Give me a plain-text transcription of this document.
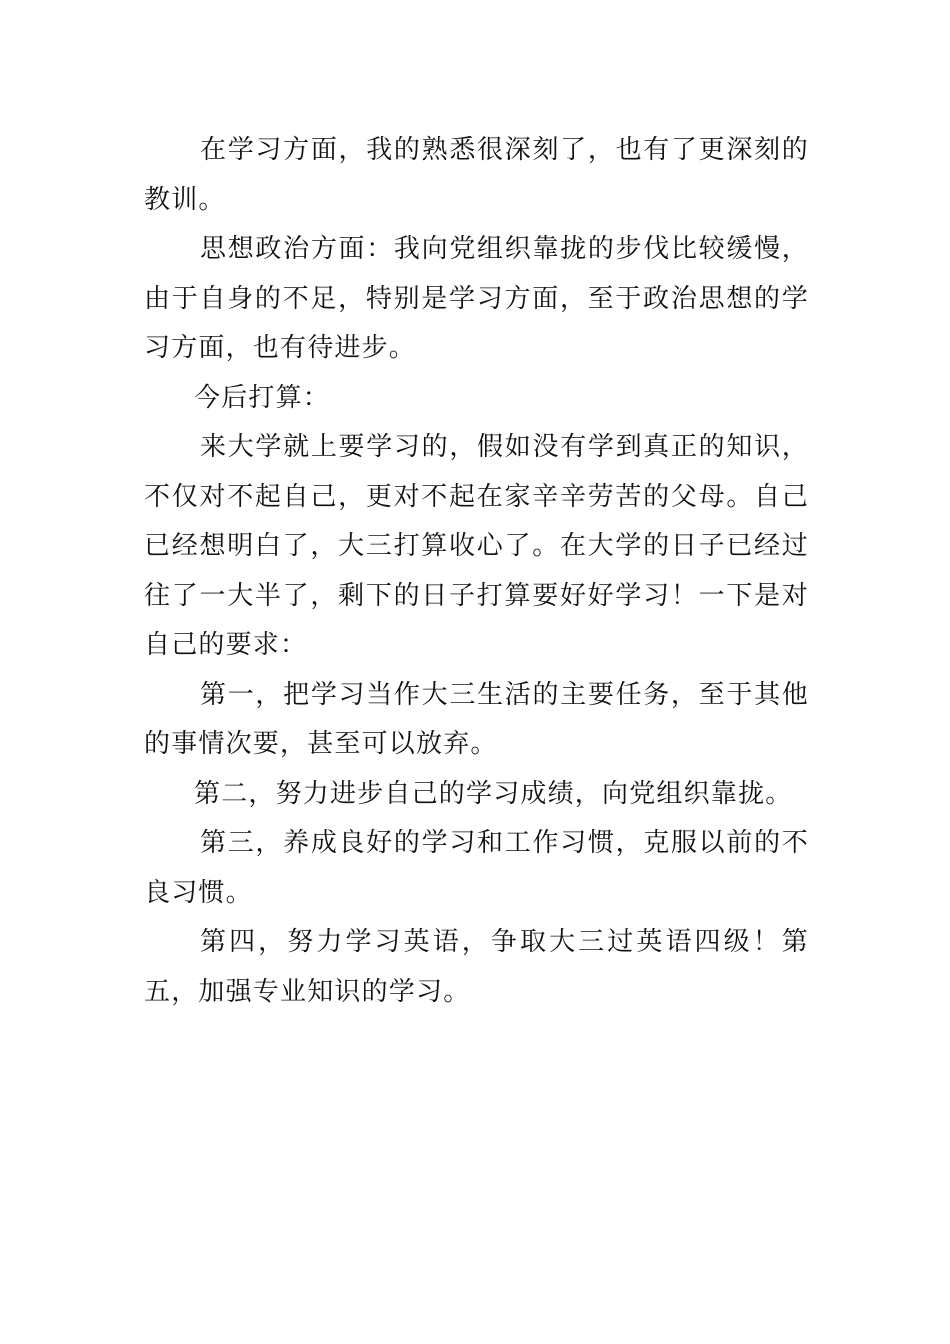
在学习方面，我的熟悉很深刻了，也有了更深刻的教训。

思想政治方面：我向党组织靠拢的步伐比较缓慢，由于自身的不足，特别是学习方面，至于政治思想的学习方面，也有待进步。

今后打算：

来大学就上要学习的，假如没有学到真正的知识，不仅对不起自己，更对不起在家辛辛劳苦的父母。自己已经想明白了，大三打算收心了。在大学的日子已经过往了一大半了，剩下的日子打算要好好学习！一下是对自己的要求：

第一，把学习当作大三生活的主要任务，至于其他的事情次要，甚至可以放弃。

第二，努力进步自己的学习成绩，向党组织靠拢。

第三，养成良好的学习和工作习惯，克服以前的不良习惯。

第四，努力学习英语，争取大三过英语四级！第五，加强专业知识的学习。
